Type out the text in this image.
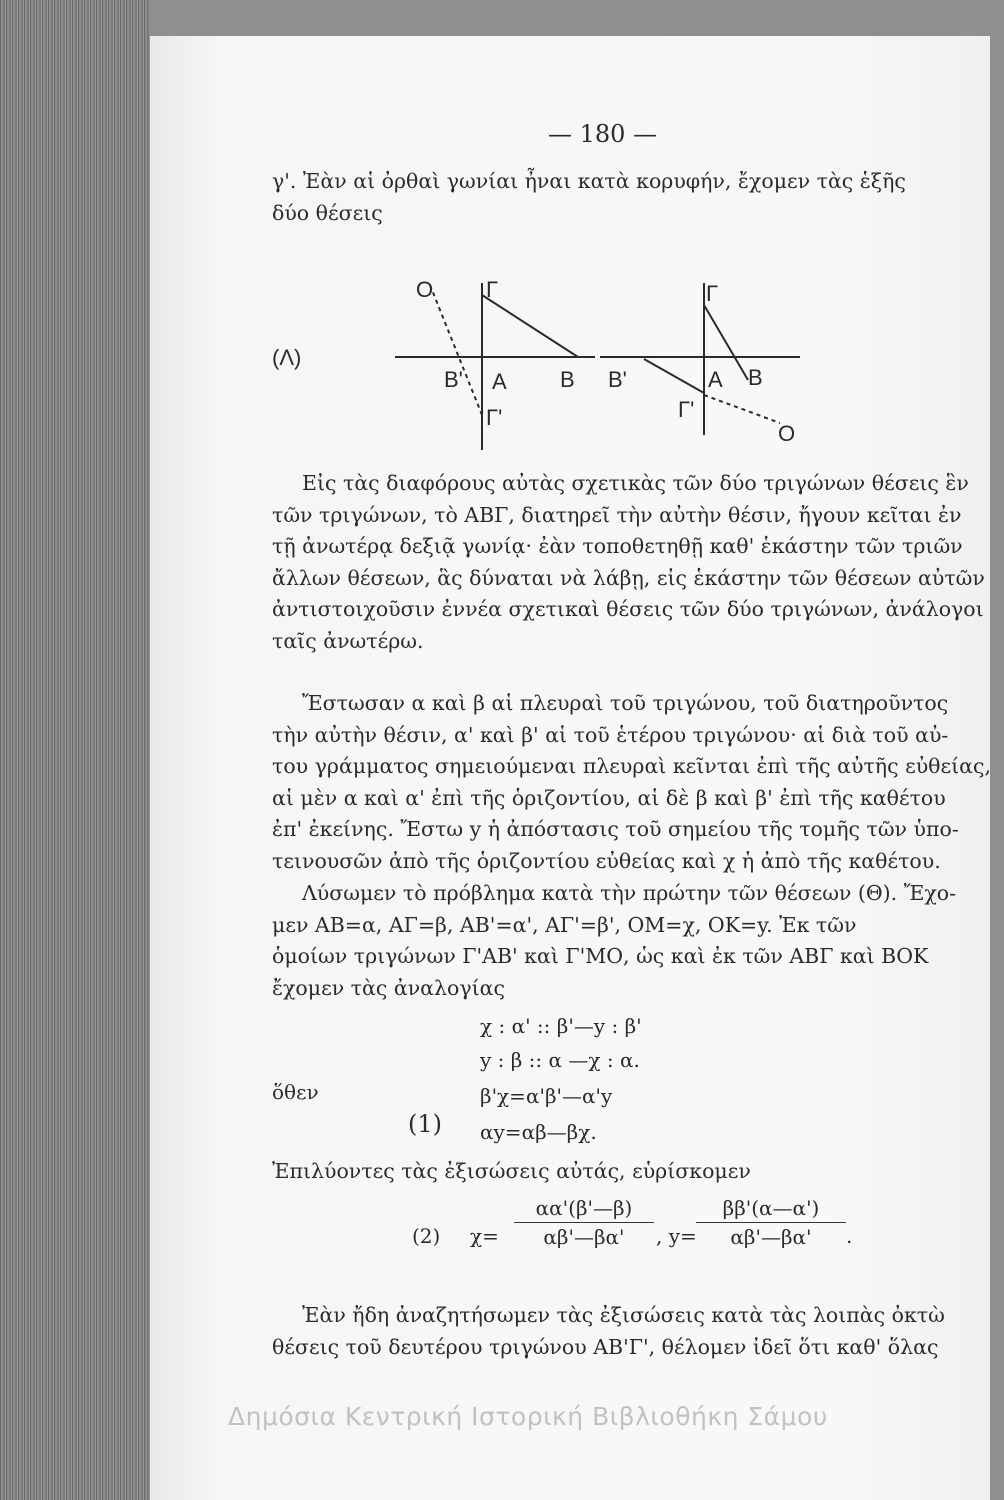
— 180 —

γ'. Ἐὰν αἱ ὀρθαὶ γωνίαι ἦναι κατὰ κορυφήν, ἔχομεν τὰς ἑξῆς

δύο θέσεις

(Λ)
O Γ
Β' Α Β
Γ'
Γ
Β'	Α Β
Γ'
O

Εἰς τὰς διαφόρους αὐτὰς σχετικὰς τῶν δύο τριγώνων θέσεις ἓν

τῶν τριγώνων, τὸ ΑΒΓ, διατηρεῖ τὴν αὐτὴν θέσιν, ἤγουν κεῖται ἐν

τῇ ἀνωτέρᾳ δεξιᾷ γωνίᾳ· ἐὰν τοποθετηθῇ καθ' ἑκάστην τῶν τριῶν

ἄλλων θέσεων, ἃς δύναται νὰ λάβῃ, εἰς ἑκάστην τῶν θέσεων αὐτῶν

ἀντιστοιχοῦσιν ἐννέα σχετικαὶ θέσεις τῶν δύο τριγώνων, ἀνάλογοι

ταῖς ἀνωτέρω.

Ἔστωσαν α καὶ β αἱ πλευραὶ τοῦ τριγώνου, τοῦ διατηροῦντος

τὴν αὐτὴν θέσιν, α' καὶ β' αἱ τοῦ ἑτέρου τριγώνου· αἱ διὰ τοῦ αὐ-

του γράμματος σημειούμεναι πλευραὶ κεῖνται ἐπὶ τῆς αὐτῆς εὐθείας,

αἱ μὲν α καὶ α' ἐπὶ τῆς ὁριζοντίου, αἱ δὲ β καὶ β' ἐπὶ τῆς καθέτου

ἐπ' ἐκείνης. Ἔστω y ἡ ἀπόστασις τοῦ σημείου τῆς τομῆς τῶν ὑπο-

τεινουσῶν ἀπὸ τῆς ὁριζοντίου εὐθείας καὶ χ ἡ ἀπὸ τῆς καθέτου.

Λύσωμεν τὸ πρόβλημα κατὰ τὴν πρώτην τῶν θέσεων (Θ). Ἔχο-

μεν ΑΒ=α, ΑΓ=β, ΑΒ'=α', ΑΓ'=β', ΟΜ=χ, ΟΚ=y. Ἐκ τῶν

ὁμοίων τριγώνων Γ'ΑΒ' καὶ Γ'ΜΟ, ὡς καὶ ἐκ τῶν ΑΒΓ καὶ ΒΟΚ

ἔχομεν τὰς ἀναλογίας

χ : α' :: β'—y : β'
y : β :: α —χ : α.
ὅθεν
(1)
β'χ=α'β'—α'y
αy=αβ—βχ.

Ἐπιλύοντες τὰς ἐξισώσεις αὐτάς, εὑρίσκομεν

(2) $\chi= \frac{\alpha\alpha'(\beta'—\beta)}{\alpha\beta'—\beta\alpha'}$ , $y= \frac{\beta\beta'(\alpha—\alpha')}{\alpha\beta'—\beta\alpha'}$ .

Ἐὰν ἤδη ἀναζητήσωμεν τὰς ἐξισώσεις κατὰ τὰς λοιπὰς ὀκτὼ

θέσεις τοῦ δευτέρου τριγώνου ΑΒ'Γ', θέλομεν ἰδεῖ ὅτι καθ' ὅλας

Δημόσια Κεντρική Ιστορική Βιβλιοθήκη Σάμου
